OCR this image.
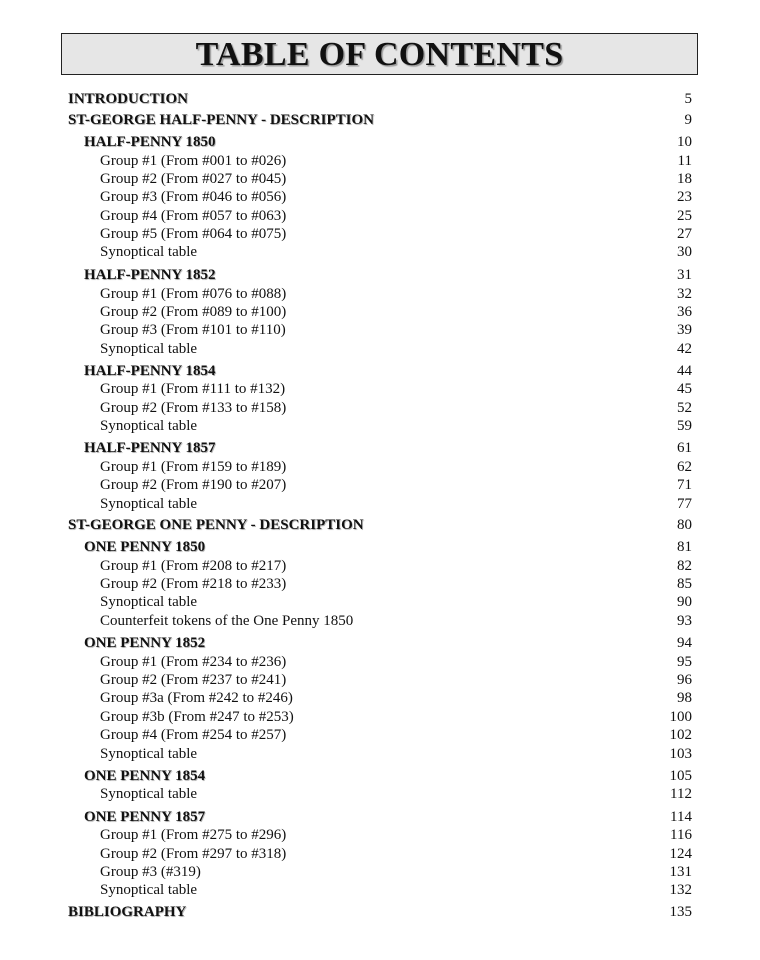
TABLE OF CONTENTS
INTRODUCTION	5
ST-GEORGE HALF-PENNY - DESCRIPTION	9
HALF-PENNY 1850	10
Group #1 (From #001 to #026)	11
Group #2 (From #027 to #045)	18
Group #3 (From #046 to #056)	23
Group #4 (From #057 to #063)	25
Group #5 (From #064 to #075)	27
Synoptical table	30
HALF-PENNY 1852	31
Group #1 (From #076 to #088)	32
Group #2 (From #089 to #100)	36
Group #3 (From #101 to #110)	39
Synoptical table	42
HALF-PENNY 1854	44
Group #1 (From #111 to #132)	45
Group #2 (From #133 to #158)	52
Synoptical table	59
HALF-PENNY 1857	61
Group #1 (From #159 to #189)	62
Group #2 (From #190 to #207)	71
Synoptical table	77
ST-GEORGE ONE PENNY - DESCRIPTION	80
ONE PENNY 1850	81
Group #1 (From #208 to #217)	82
Group #2 (From #218 to #233)	85
Synoptical table	90
Counterfeit tokens of the One Penny 1850	93
ONE PENNY 1852	94
Group #1 (From #234 to #236)	95
Group #2 (From #237 to #241)	96
Group #3a (From #242 to #246)	98
Group #3b (From #247 to #253)	100
Group #4 (From #254 to #257)	102
Synoptical table	103
ONE PENNY 1854	105
Synoptical table	112
ONE PENNY 1857	114
Group #1 (From #275 to #296)	116
Group #2 (From #297 to #318)	124
Group #3 (#319)	131
Synoptical table	132
BIBLIOGRAPHY	135
